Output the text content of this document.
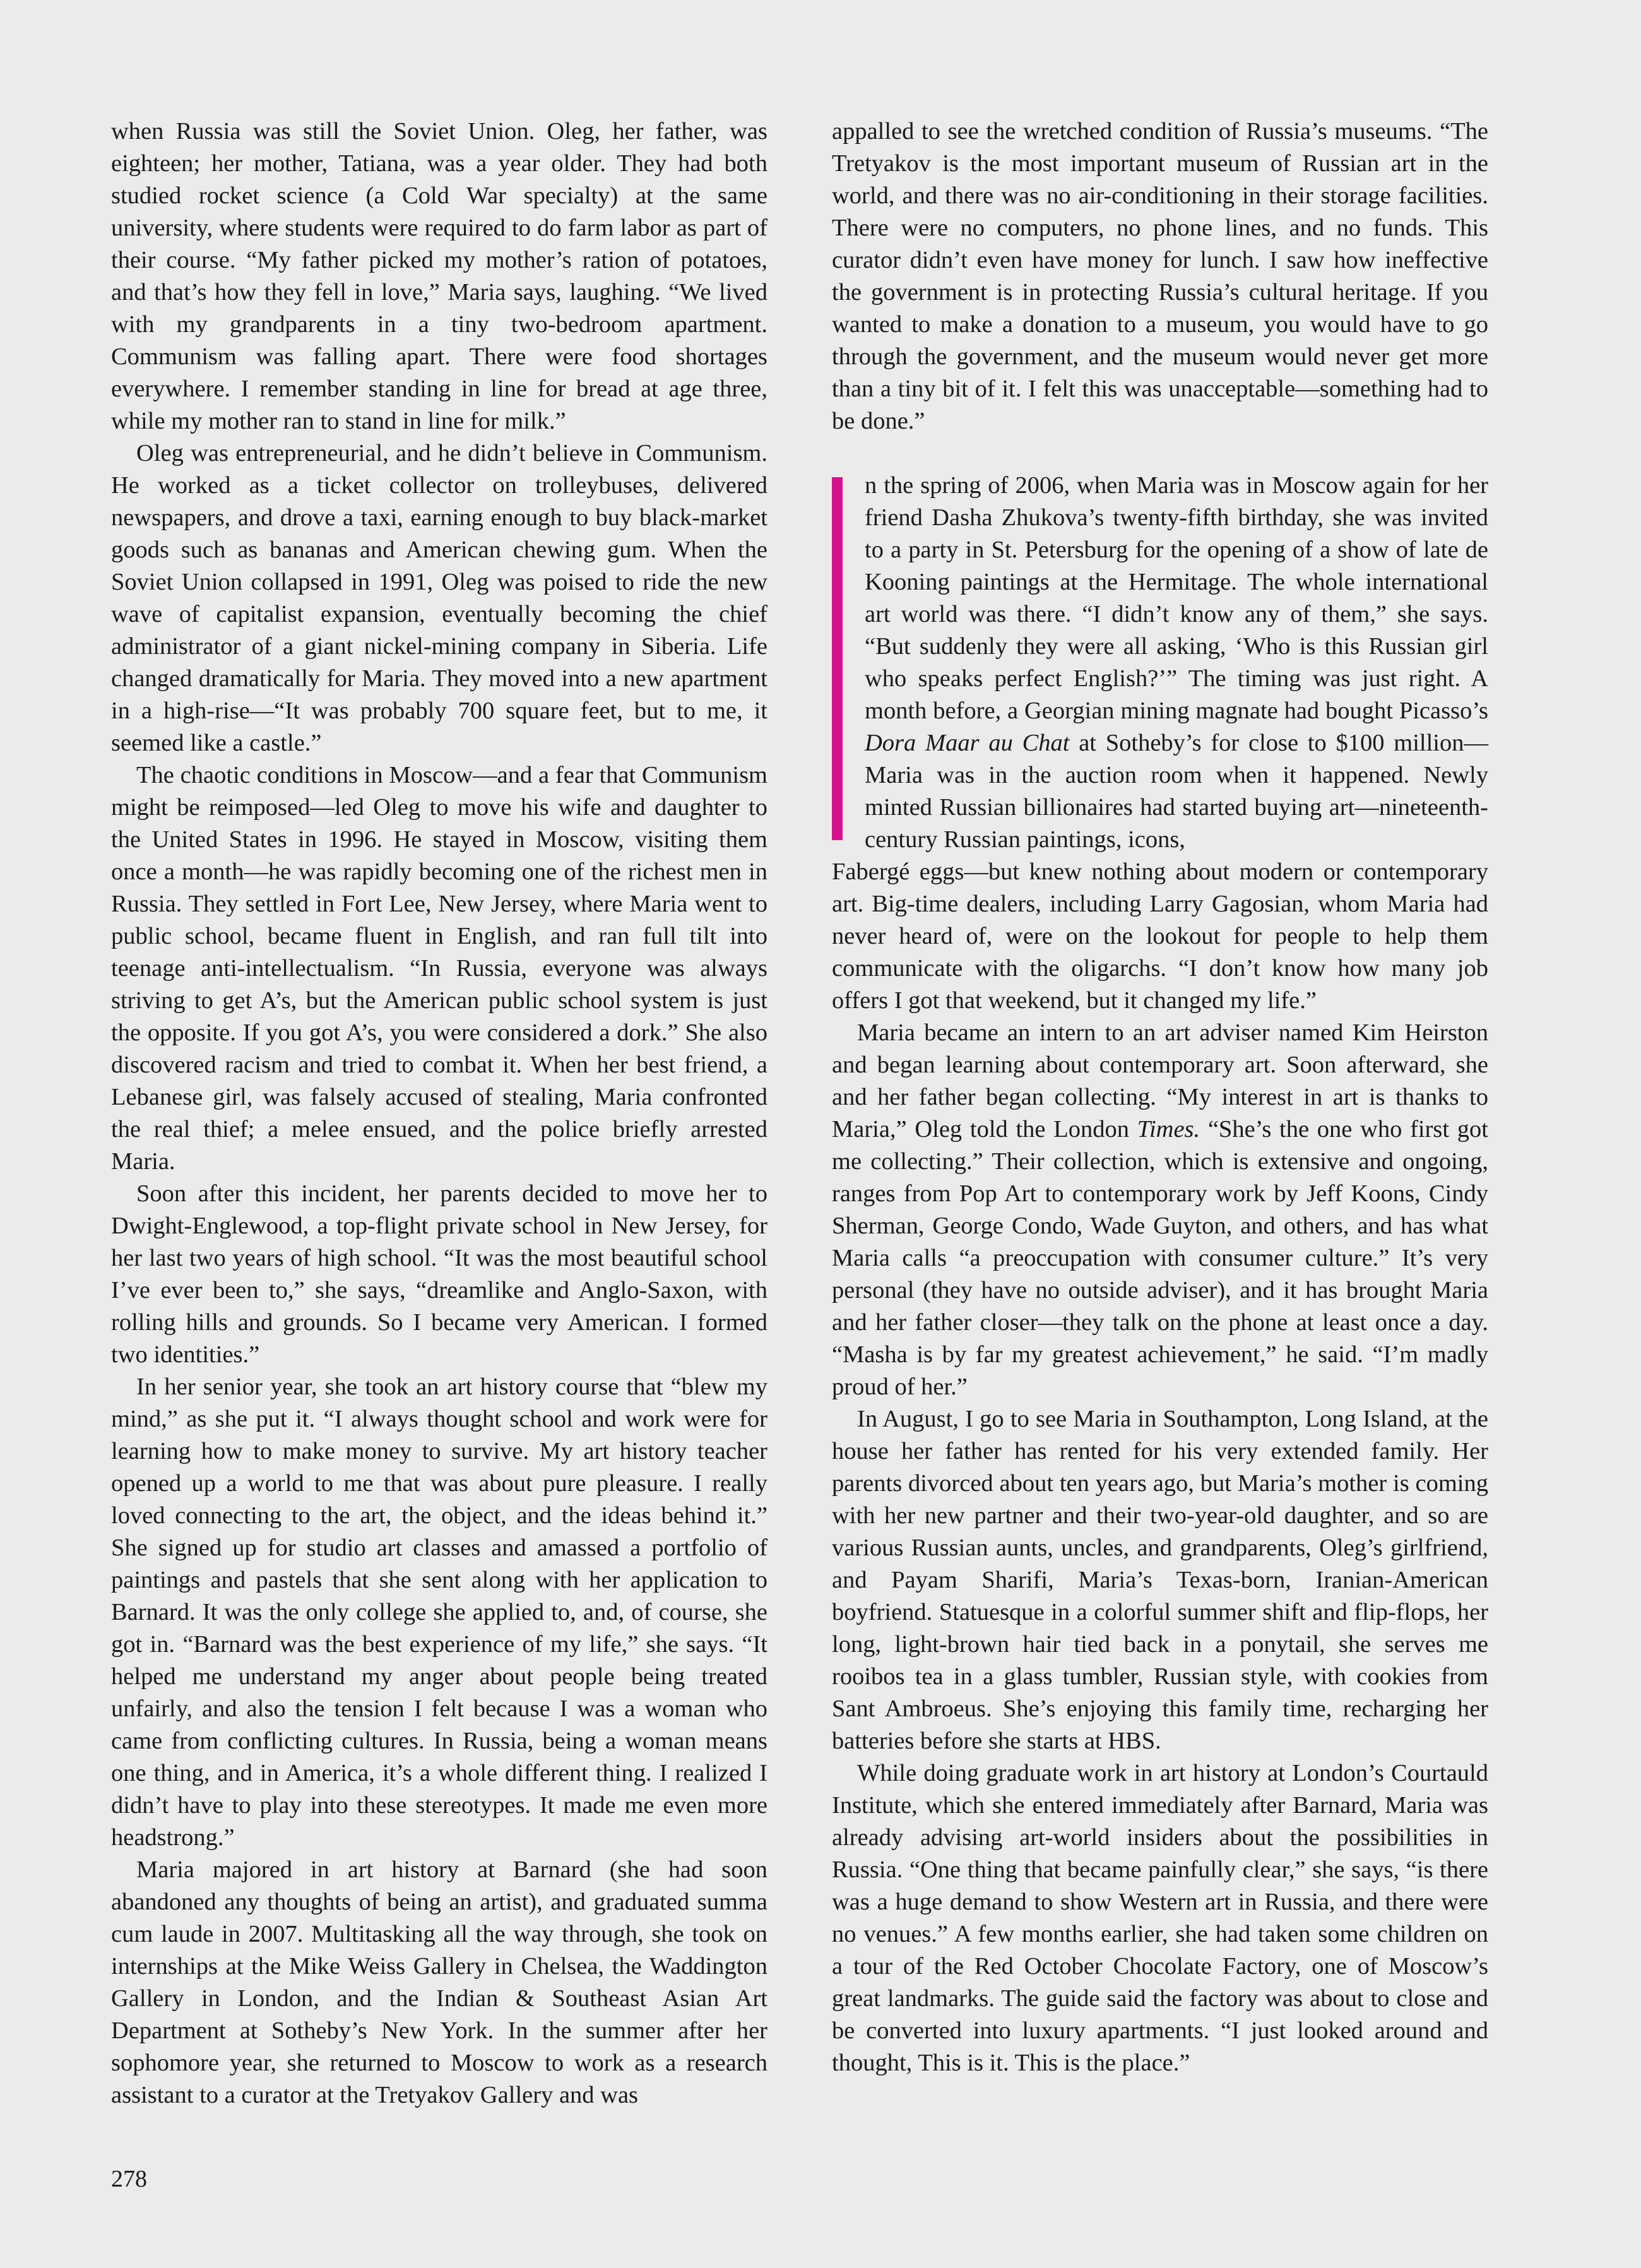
when Russia was still the Soviet Union. Oleg, her father, was eighteen; her mother, Tatiana, was a year older. They had both studied rocket science (a Cold War specialty) at the same university, where students were required to do farm labor as part of their course. “My father picked my mother’s ration of potatoes, and that’s how they fell in love,” Maria says, laughing. “We lived with my grandparents in a tiny two-bedroom apartment. Communism was falling apart. There were food shortages everywhere. I remember standing in line for bread at age three, while my mother ran to stand in line for milk.”

Oleg was entrepreneurial, and he didn’t believe in Communism. He worked as a ticket collector on trolleybuses, delivered newspapers, and drove a taxi, earning enough to buy black-market goods such as bananas and American chewing gum. When the Soviet Union collapsed in 1991, Oleg was poised to ride the new wave of capitalist expansion, eventually becoming the chief administrator of a giant nickel-mining company in Siberia. Life changed dramatically for Maria. They moved into a new apartment in a high-rise—“It was probably 700 square feet, but to me, it seemed like a castle.”

The chaotic conditions in Moscow—and a fear that Communism might be reimposed—led Oleg to move his wife and daughter to the United States in 1996. He stayed in Moscow, visiting them once a month—he was rapidly becoming one of the richest men in Russia. They settled in Fort Lee, New Jersey, where Maria went to public school, became fluent in English, and ran full tilt into teenage anti-intellectualism. “In Russia, everyone was always striving to get A’s, but the American public school system is just the opposite. If you got A’s, you were considered a dork.” She also discovered racism and tried to combat it. When her best friend, a Lebanese girl, was falsely accused of stealing, Maria confronted the real thief; a melee ensued, and the police briefly arrested Maria.

Soon after this incident, her parents decided to move her to Dwight-Englewood, a top-flight private school in New Jersey, for her last two years of high school. “It was the most beautiful school I’ve ever been to,” she says, “dreamlike and Anglo-Saxon, with rolling hills and grounds. So I became very American. I formed two identities.”

In her senior year, she took an art history course that “blew my mind,” as she put it. “I always thought school and work were for learning how to make money to survive. My art history teacher opened up a world to me that was about pure pleasure. I really loved connecting to the art, the object, and the ideas behind it.” She signed up for studio art classes and amassed a portfolio of paintings and pastels that she sent along with her application to Barnard. It was the only college she applied to, and, of course, she got in. “Barnard was the best experience of my life,” she says. “It helped me understand my anger about people being treated unfairly, and also the tension I felt because I was a woman who came from conflicting cultures. In Russia, being a woman means one thing, and in America, it’s a whole different thing. I realized I didn’t have to play into these stereotypes. It made me even more headstrong.”

Maria majored in art history at Barnard (she had soon abandoned any thoughts of being an artist), and graduated summa cum laude in 2007. Multitasking all the way through, she took on internships at the Mike Weiss Gallery in Chelsea, the Waddington Gallery in London, and the Indian & Southeast Asian Art Department at Sotheby’s New York. In the summer after her sophomore year, she returned to Moscow to work as a research assistant to a curator at the Tretyakov Gallery and was

appalled to see the wretched condition of Russia’s museums. “The Tretyakov is the most important museum of Russian art in the world, and there was no air-conditioning in their storage facilities. There were no computers, no phone lines, and no funds. This curator didn’t even have money for lunch. I saw how ineffective the government is in protecting Russia’s cultural heritage. If you wanted to make a donation to a museum, you would have to go through the government, and the museum would never get more than a tiny bit of it. I felt this was unacceptable—something had to be done.”

n the spring of 2006, when Maria was in Moscow again for her friend Dasha Zhukova’s twenty-fifth birthday, she was invited to a party in St. Petersburg for the opening of a show of late de Kooning paintings at the Hermitage. The whole international art world was there. “I didn’t know any of them,” she says. “But suddenly they were all asking, ‘Who is this Russian girl who speaks perfect English?’” The timing was just right. A month before, a Georgian mining magnate had bought Picasso’s Dora Maar au Chat at Sotheby’s for close to $100 million—Maria was in the auction room when it happened. Newly minted Russian billionaires had started buying art—nineteenth-century Russian paintings, icons,

Fabergé eggs—but knew nothing about modern or contemporary art. Big-time dealers, including Larry Gagosian, whom Maria had never heard of, were on the lookout for people to help them communicate with the oligarchs. “I don’t know how many job offers I got that weekend, but it changed my life.”

Maria became an intern to an art adviser named Kim Heirston and began learning about contemporary art. Soon afterward, she and her father began collecting. “My interest in art is thanks to Maria,” Oleg told the London Times. “She’s the one who first got me collecting.” Their collection, which is extensive and ongoing, ranges from Pop Art to contemporary work by Jeff Koons, Cindy Sherman, George Condo, Wade Guyton, and others, and has what Maria calls “a preoccupation with consumer culture.” It’s very personal (they have no outside adviser), and it has brought Maria and her father closer—they talk on the phone at least once a day. “Masha is by far my greatest achievement,” he said. “I’m madly proud of her.”

In August, I go to see Maria in Southampton, Long Island, at the house her father has rented for his very extended family. Her parents divorced about ten years ago, but Maria’s mother is coming with her new partner and their two-year-old daughter, and so are various Russian aunts, uncles, and grandparents, Oleg’s girlfriend, and Payam Sharifi, Maria’s Texas-born, Iranian-American boyfriend. Statuesque in a colorful summer shift and flip-flops, her long, light-brown hair tied back in a ponytail, she serves me rooibos tea in a glass tumbler, Russian style, with cookies from Sant Ambroeus. She’s enjoying this family time, recharging her batteries before she starts at HBS.

While doing graduate work in art history at London’s Courtauld Institute, which she entered immediately after Barnard, Maria was already advising art-world insiders about the possibilities in Russia. “One thing that became painfully clear,” she says, “is there was a huge demand to show Western art in Russia, and there were no venues.” A few months earlier, she had taken some children on a tour of the Red October Chocolate Factory, one of Moscow’s great landmarks. The guide said the factory was about to close and be converted into luxury apartments. “I just looked around and thought, This is it. This is the place.”

278
